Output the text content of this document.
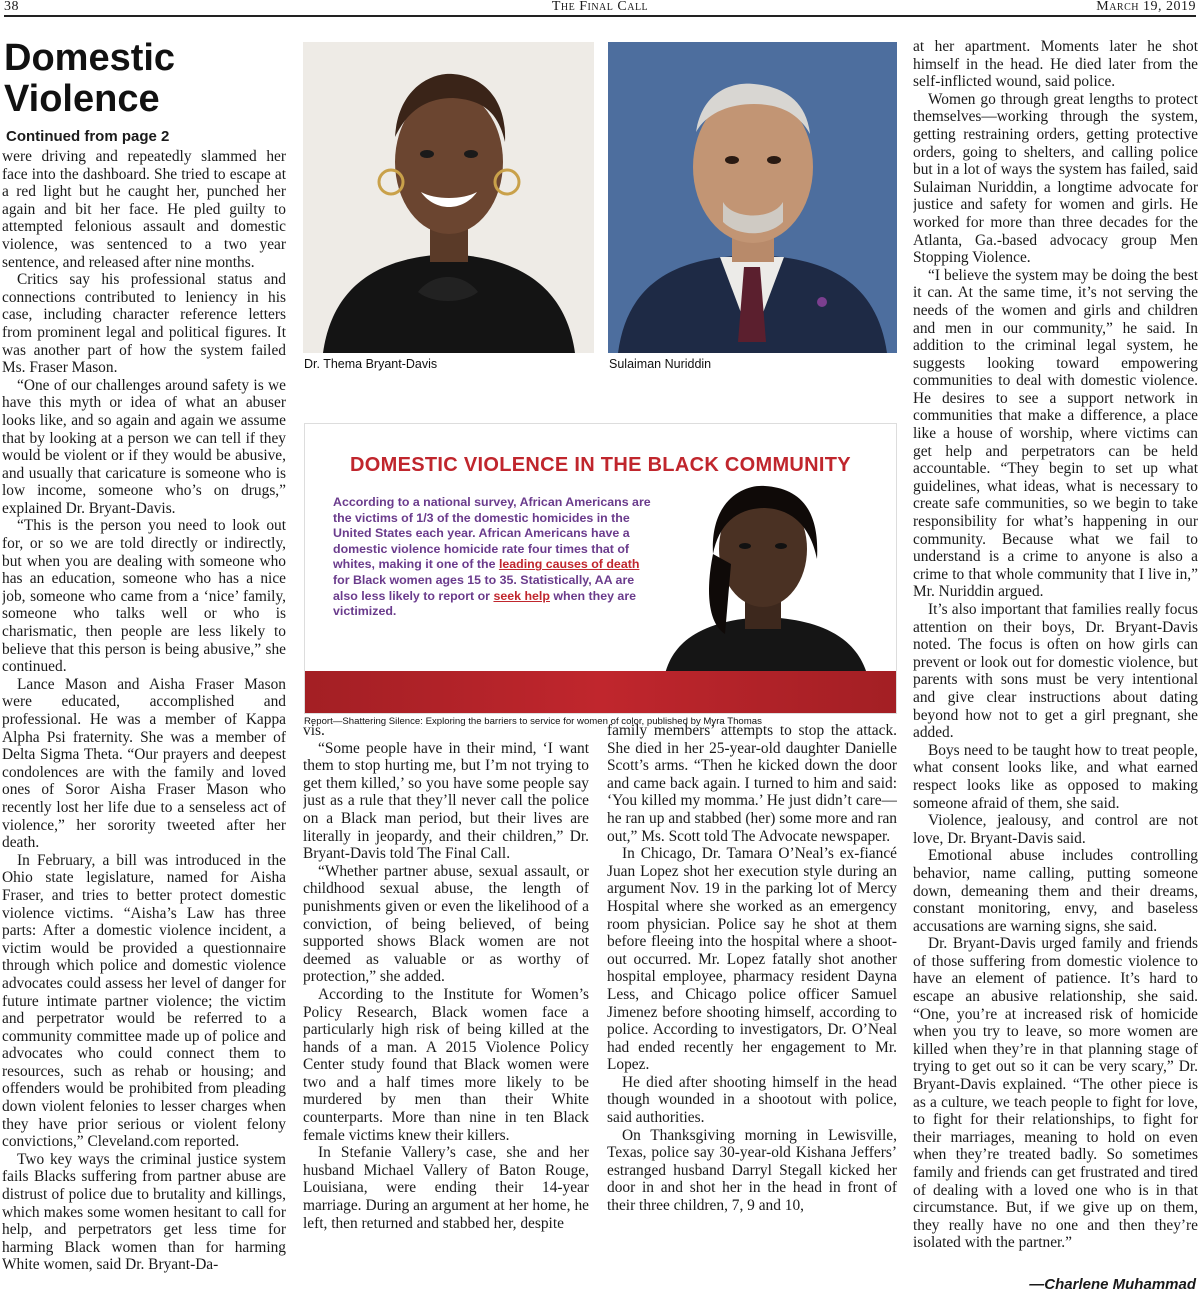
38	The Final Call	March 19, 2019
Domestic Violence
Continued from page 2

were driving and repeatedly slammed her face into the dashboard. She tried to escape at a red light but he caught her, punched her again and bit her face. He pled guilty to attempted felonious assault and domestic violence, was sentenced to a two year sentence, and released after nine months.

Critics say his professional status and connections contributed to leniency in his case, including character reference letters from prominent legal and political figures. It was another part of how the system failed Ms. Fraser Mason.

“One of our challenges around safety is we have this myth or idea of what an abuser looks like, and so again and again we assume that by looking at a person we can tell if they would be violent or if they would be abusive, and usually that caricature is someone who is low income, someone who’s on drugs,” explained Dr. Bryant-Davis.

“This is the person you need to look out for, or so we are told directly or indirectly, but when you are dealing with someone who has an education, someone who has a nice job, someone who came from a ‘nice’ family, someone who talks well or who is charismatic, then people are less likely to believe that this person is being abusive,” she continued.

Lance Mason and Aisha Fraser Mason were educated, accomplished and professional. He was a member of Kappa Alpha Psi fraternity. She was a member of Delta Sigma Theta. “Our prayers and deepest condolences are with the family and loved ones of Soror Aisha Fraser Mason who recently lost her life due to a senseless act of violence,” her sorority tweeted after her death.

In February, a bill was introduced in the Ohio state legislature, named for Aisha Fraser, and tries to better protect domestic violence victims. “Aisha’s Law has three parts: After a domestic violence incident, a victim would be provided a questionnaire through which police and domestic violence advocates could assess her level of danger for future intimate partner violence; the victim and perpetrator would be referred to a community committee made up of police and advocates who could connect them to resources, such as rehab or housing; and offenders would be prohibited from pleading down violent felonies to lesser charges when they have prior serious or violent felony convictions,” Cleveland.com reported.

Two key ways the criminal justice system fails Blacks suffering from partner abuse are distrust of police due to brutality and killings, which makes some women hesitant to call for help, and perpetrators get less time for harming Black women than for harming White women, said Dr. Bryant-Da-

Dr. Thema Bryant-Davis	Sulaiman Nuriddin
DOMESTIC VIOLENCE IN THE BLACK COMMUNITY
According to a national survey, African Americans are the victims of 1/3 of the domestic homicides in the United States each year. African Americans have a domestic violence homicide rate four times that of whites, making it one of the leading causes of death for Black women ages 15 to 35. Statistically, AA are also less likely to report or seek help when they are victimized.
Report—Shattering Silence: Exploring the barriers to service for women of color, published by Myra Thomas

vis.

“Some people have in their mind, ‘I want them to stop hurting me, but I’m not trying to get them killed,’ so you have some people say just as a rule that they’ll never call the police on a Black man period, but their lives are literally in jeopardy, and their children,” Dr. Bryant-Davis told The Final Call.

“Whether partner abuse, sexual assault, or childhood sexual abuse, the length of punishments given or even the likelihood of a conviction, of being believed, of being supported shows Black women are not deemed as valuable or as worthy of protection,” she added.

According to the Institute for Women’s Policy Research, Black women face a particularly high risk of being killed at the hands of a man. A 2015 Violence Policy Center study found that Black women were two and a half times more likely to be murdered by men than their White counterparts. More than nine in ten Black female victims knew their killers.

In Stefanie Vallery’s case, she and her husband Michael Vallery of Baton Rouge, Louisiana, were ending their 14-year marriage. During an argument at her home, he left, then returned and stabbed her, despite

family members’ attempts to stop the attack. She died in her 25-year-old daughter Danielle Scott’s arms. “Then he kicked down the door and came back again. I turned to him and said: ‘You killed my momma.’ He just didn’t care—he ran up and stabbed (her) some more and ran out,” Ms. Scott told The Advocate newspaper.

In Chicago, Dr. Tamara O’Neal’s ex-fiancé Juan Lopez shot her execution style during an argument Nov. 19 in the parking lot of Mercy Hospital where she worked as an emergency room physician. Police say he shot at them before fleeing into the hospital where a shoot-out occurred. Mr. Lopez fatally shot another hospital employee, pharmacy resident Dayna Less, and Chicago police officer Samuel Jimenez before shooting himself, according to police. According to investigators, Dr. O’Neal had ended recently her engagement to Mr. Lopez.

He died after shooting himself in the head though wounded in a shootout with police, said authorities.

On Thanksgiving morning in Lewisville, Texas, police say 30-year-old Kishana Jeffers’ estranged husband Darryl Stegall kicked her door in and shot her in the head in front of their three children, 7, 9 and 10,

at her apartment. Moments later he shot himself in the head. He died later from the self-inflicted wound, said police.

Women go through great lengths to protect themselves—working through the system, getting restraining orders, getting protective orders, going to shelters, and calling police but in a lot of ways the system has failed, said Sulaiman Nuriddin, a longtime advocate for justice and safety for women and girls. He worked for more than three decades for the Atlanta, Ga.-based advocacy group Men Stopping Violence.

“I believe the system may be doing the best it can. At the same time, it’s not serving the needs of the women and girls and children and men in our community,” he said. In addition to the criminal legal system, he suggests looking toward empowering communities to deal with domestic violence. He desires to see a support network in communities that make a difference, a place like a house of worship, where victims can get help and perpetrators can be held accountable. “They begin to set up what guidelines, what ideas, what is necessary to create safe communities, so we begin to take responsibility for what’s happening in our community. Because what we fail to understand is a crime to anyone is also a crime to that whole community that I live in,” Mr. Nuriddin argued.

It’s also important that families really focus attention on their boys, Dr. Bryant-Davis noted. The focus is often on how girls can prevent or look out for domestic violence, but parents with sons must be very intentional and give clear instructions about dating beyond how not to get a girl pregnant, she added.

Boys need to be taught how to treat people, what consent looks like, and what earned respect looks like as opposed to making someone afraid of them, she said.

Violence, jealousy, and control are not love, Dr. Bryant-Davis said.

Emotional abuse includes controlling behavior, name calling, putting someone down, demeaning them and their dreams, constant monitoring, envy, and baseless accusations are warning signs, she said.

Dr. Bryant-Davis urged family and friends of those suffering from domestic violence to have an element of patience. It’s hard to escape an abusive relationship, she said. “One, you’re at increased risk of homicide when you try to leave, so more women are killed when they’re in that planning stage of trying to get out so it can be very scary,” Dr. Bryant-Davis explained. “The other piece is as a culture, we teach people to fight for love, to fight for their relationships, to fight for their marriages, meaning to hold on even when they’re treated badly. So sometimes family and friends can get frustrated and tired of dealing with a loved one who is in that circumstance. But, if we give up on them, they really have no one and then they’re isolated with the partner.”

—Charlene Muhammad
